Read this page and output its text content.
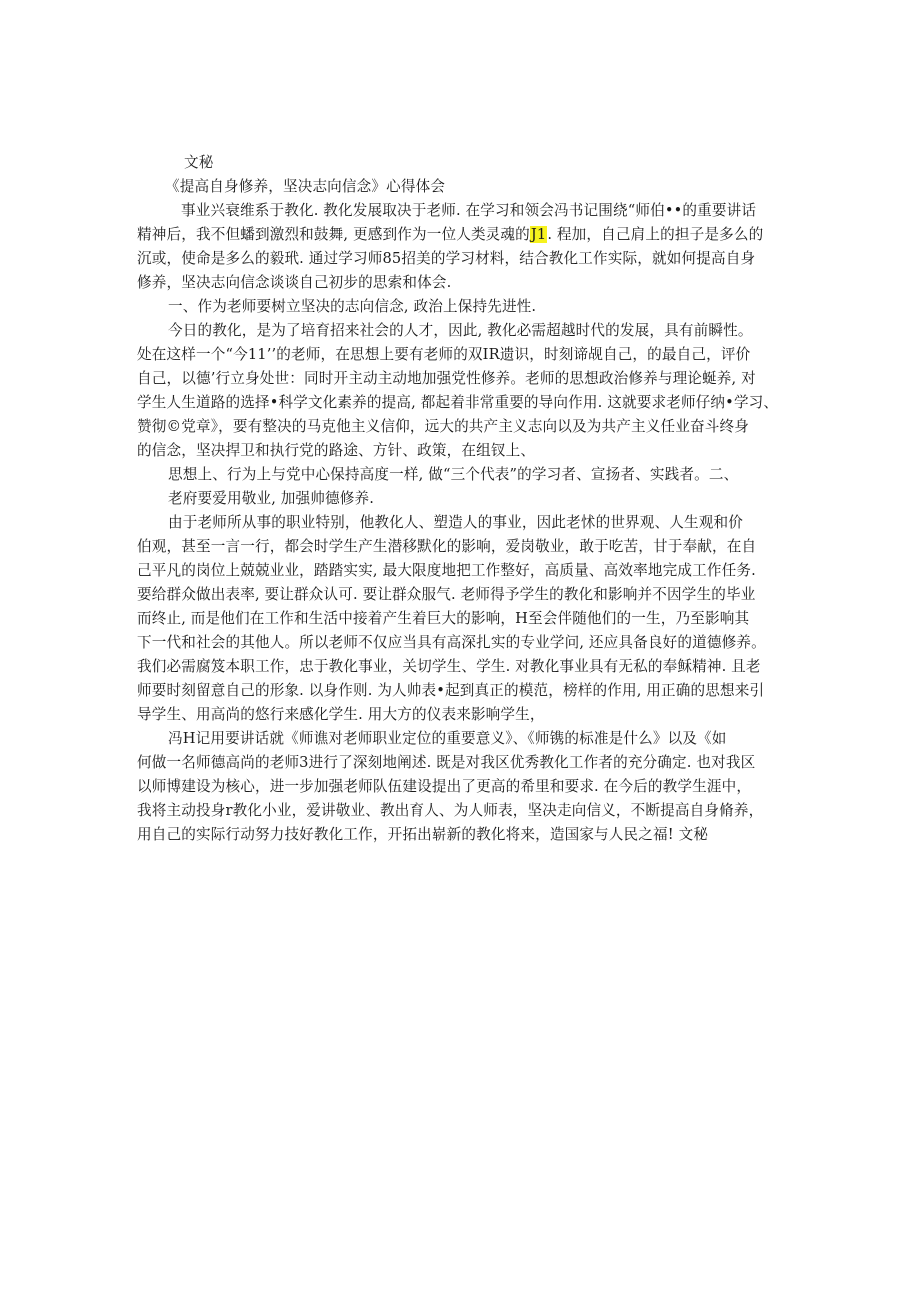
文秘
《提高自身修养，坚决志向信念》心得体会
事业兴衰维系于教化. 教化发展取决于老师. 在学习和领会冯书记围绕“师伯••的重要讲话
精神后，我不但蟠到激烈和鼓舞, 更感到作为一位人类灵魂的J1. 程加，自己肩上的担子是多么的
沉或，使命是多么的毅玳. 通过学习师85招美的学习材料，结合教化工作实际，就如何提高自身
修养，坚决志向信念谈谈自己初步的思索和体会.
一、作为老师要树立坚决的志向信念, 政治上保持先进性.
今日的教化，是为了培育招来社会的人才，因此, 教化必需超越时代的发展，具有前瞬性。
处在这样一个“今11’’的老师，在思想上要有老师的双IR遗识，时刻谛觇自己，的最自己，评价
自己，以德’行立身处世：同时开主动主动地加强党性修养。老师的思想政治修养与理论蜒养, 对
学生人生道路的选择•科学文化素养的提高, 都起着非常重要的导向作用. 这就要求老师仔纳•学习、
赞彻©党章》，要有整决的马克他主义信仰，远大的共产主义志向以及为共产主义任业奋斗终身
的信念，坚决捍卫和执行党的路途、方针、政策，在组钗上、
思想上、行为上与党中心保持高度一样, 做“三个代表”的学习者、宣扬者、实践者。二、
老府要爱用敬业, 加强帅德修养.
由于老师所从事的职业特别，他教化人、塑造人的事业，因此老怵的世界观、人生观和价
伯观，甚至一言一行，都会时学生产生潜移默化的影响，爱岗敬业，敢于吃苦，甘于奉献，在自
己平凡的岗位上兢兢业业，踏踏实实, 最大限度地把工作整好，高质量、高效率地完成工作任务.
要给群众做出表率, 要让群众认可. 要让群众服气. 老师得予学生的教化和影响并不因学生的毕业
而终止, 而是他们在工作和生活中接着产生着巨大的影响，H至会伴随他们的一生，乃至影响其
下一代和社会的其他人。所以老师不仅应当具有高深扎实的专业学问, 还应具备良好的道德修养。
我们必需腐笈本职工作，忠于教化事业，关切学生、学生. 对教化事业具有无私的奉稣精神. 且老
师要时刻留意自己的形象. 以身作则. 为人帅表•起到真正的模范，榜样的作用, 用正确的思想来引
导学生、用高尚的悠行来感化学生. 用大方的仪表来影响学生，
冯H记用要讲话就《师谯对老师职业定位的重要意义》、《师镌的标准是什么》以及《如
何做一名师德高尚的老师3进行了深刻地阐述. 既是对我区优秀教化工作者的充分确定. 也对我区
以师博建设为核心，进一步加强老师队伍建设提出了更高的希里和要求. 在今后的教学生涯中，
我将主动投身r教化小业，爱讲敬业、教出育人、为人师表，坚决走向信义，不断提高自身脩养，
用自己的实际行动努力技好教化工作，开拓出崭新的教化将来，造国家与人民之福! 文秘
